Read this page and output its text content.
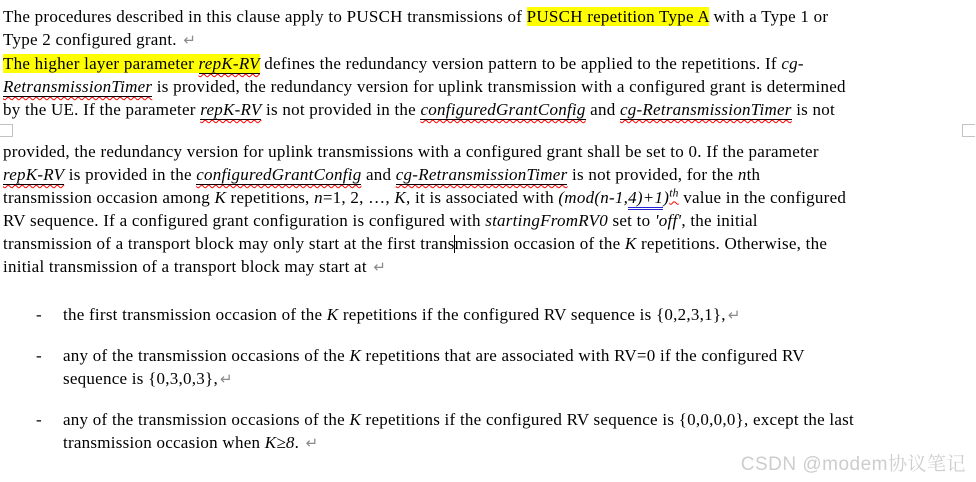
The procedures described in this clause apply to PUSCH transmissions of PUSCH repetition Type A with a Type 1 or
Type 2 configured grant. ↵

The higher layer parameter repK-RV defines the redundancy version pattern to be applied to the repetitions. If cg-
RetransmissionTimer is provided, the redundancy version for uplink transmission with a configured grant is determined
by the UE. If the parameter repK-RV is not provided in the configuredGrantConfig and cg-RetransmissionTimer is not

provided, the redundancy version for uplink transmissions with a configured grant shall be set to 0. If the parameter
repK-RV is provided in the configuredGrantConfig and cg-RetransmissionTimer is not provided, for the nth
transmission occasion among K repetitions, n=1, 2, …, K, it is associated with $(mod(n-1,4)+1)^{th}$ value in the configured
RV sequence. If a configured grant configuration is configured with startingFromRV0 set to 'off', the initial
transmission of a transport block may only start at the first transmission occasion of the K repetitions. Otherwise, the
initial transmission of a transport block may start at ↵

- the first transmission occasion of the K repetitions if the configured RV sequence is {0,2,3,1}, ↵
- any of the transmission occasions of the K repetitions that are associated with RV=0 if the configured RV
sequence is {0,3,0,3}, ↵
- any of the transmission occasions of the K repetitions if the configured RV sequence is {0,0,0,0}, except the last
transmission occasion when K≥8. ↵
CSDN @modem协议笔记
